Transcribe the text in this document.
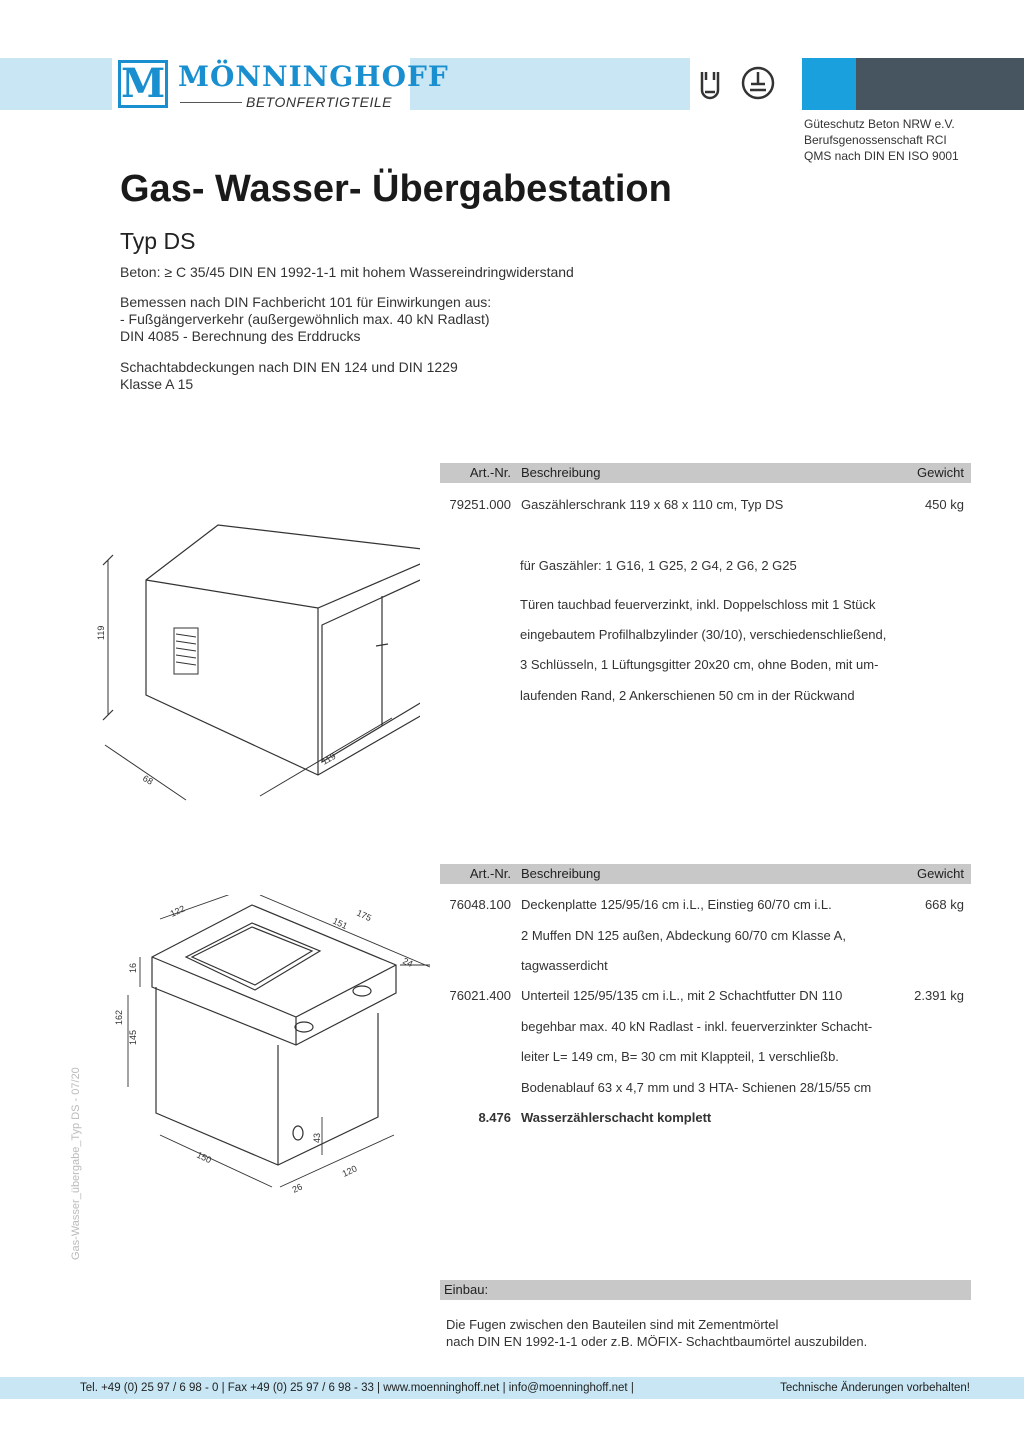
M MÖNNINGHOFF
BETONFERTIGTEILE
Güteschutz Beton NRW e.V.
Berufsgenossenschaft RCI
QMS nach DIN EN ISO 9001
Gas- Wasser- Übergabestation
Typ DS
Beton: ≥ C 35/45 DIN EN 1992-1-1 mit hohem Wassereindringwiderstand
Bemessen nach DIN Fachbericht 101 für Einwirkungen aus:
- Fußgängerverkehr (außergewöhnlich max. 40 kN Radlast)
DIN 4085 - Berechnung des Erddrucks
Schachtabdeckungen nach DIN EN 124 und DIN 1229
Klasse A 15
Art.-Nr. Beschreibung	Gewicht
79251.000 Gaszählerschrank 119 x 68 x 110 cm, Typ DS	450 kg
für Gaszähler: 1 G16, 1 G25, 2 G4, 2 G6, 2 G25
Türen tauchbad feuerverzinkt, inkl. Doppelschloss mit 1 Stück
eingebautem Profilhalbzylinder (30/10), verschiedenschließend,
3 Schlüsseln, 1 Lüftungsgitter 20x20 cm, ohne Boden, mit um-
laufenden Rand, 2 Ankerschienen 50 cm in der Rückwand
119
68
119
Art.-Nr. Beschreibung	Gewicht
76048.100 Deckenplatte 125/95/16 cm i.L., Einstieg 60/70 cm i.L.	668 kg
2 Muffen DN 125 außen, Abdeckung 60/70 cm Klasse A,
tagwasserdicht
76021.400 Unterteil 125/95/135 cm i.L., mit 2 Schachtfutter DN 110	2.391 kg
begehbar max. 40 kN Radlast - inkl. feuerverzinkter Schacht-
leiter L= 149 cm, B= 30 cm mit Klappteil, 1 verschließb.
Bodenablauf 63 x 4,7 mm und 3 HTA- Schienen 28/15/55 cm
8.476 Wasserzählerschacht komplett
122
151
175
24
16
162
145
43
150
26
120
Einbau:
Die Fugen zwischen den Bauteilen sind mit Zementmörtel
nach DIN EN 1992-1-1 oder z.B. MÖFIX- Schachtbaumörtel auszubilden.
Gas-Wasser_übergabe_Typ DS - 07/20
Tel. +49 (0) 25 97 / 6 98 - 0 | Fax +49 (0) 25 97 / 6 98 - 33 | www.moenninghoff.net | info@moenninghoff.net |	Technische Änderungen vorbehalten!
